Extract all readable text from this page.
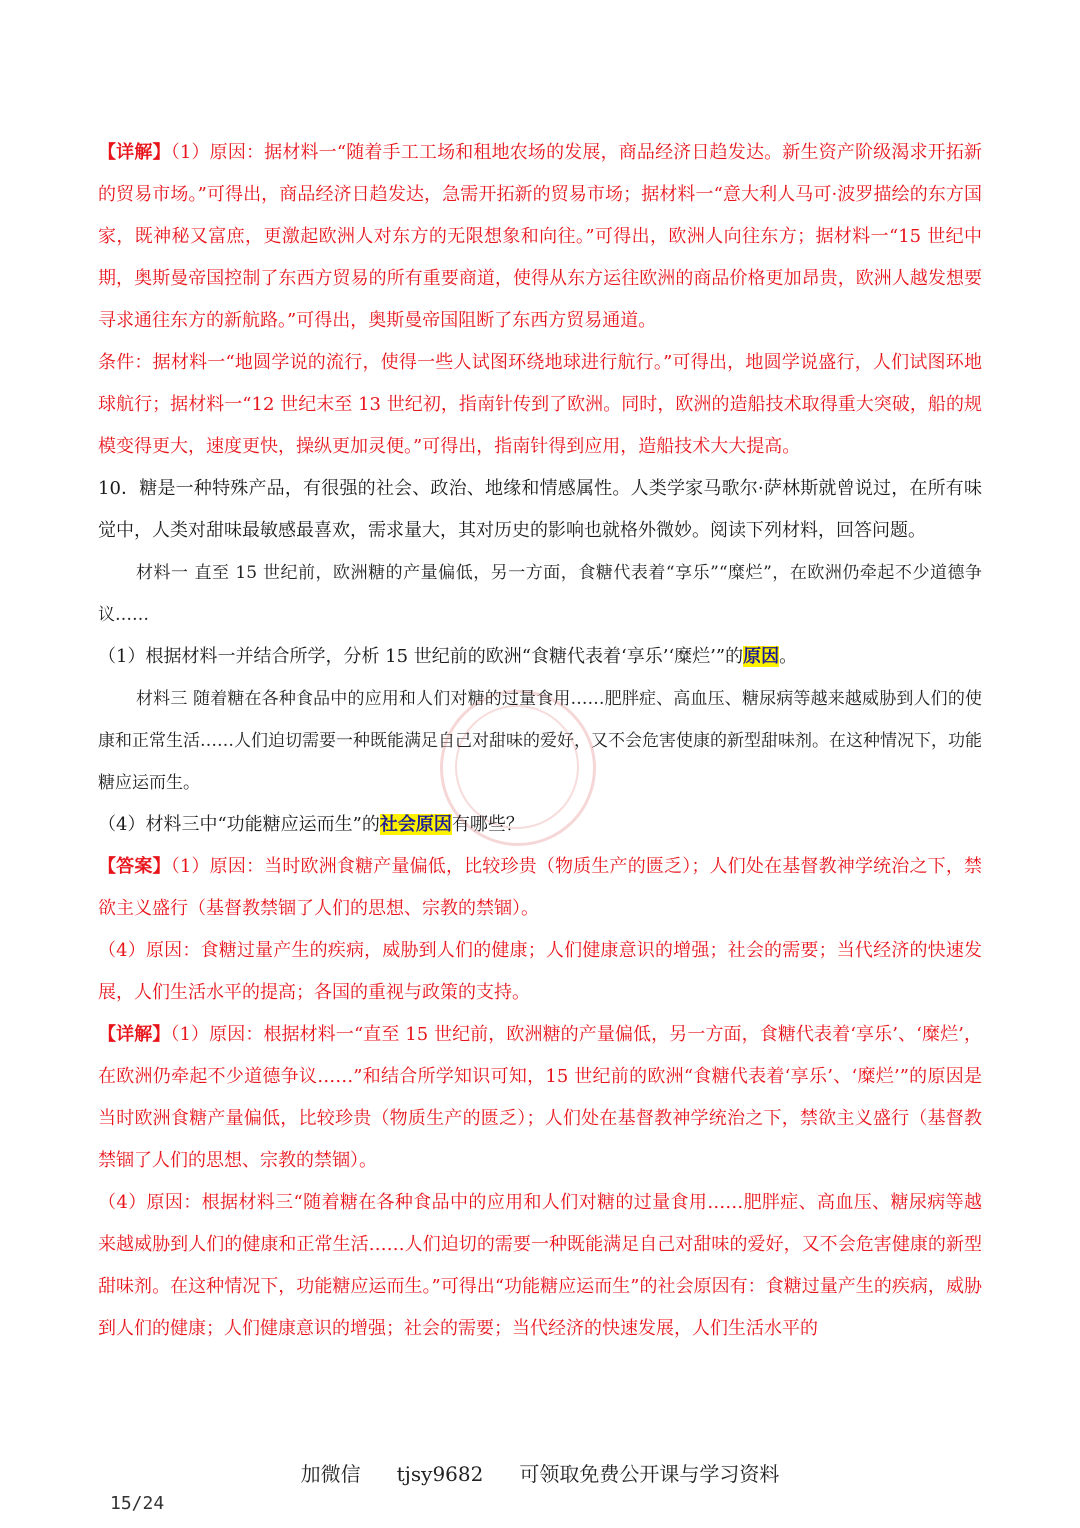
【详解】（1）原因：据材料一“随着手工工场和租地农场的发展，商品经济日趋发达。新生资产阶级渴求开拓新的贸易市场。”可得出，商品经济日趋发达，急需开拓新的贸易市场；据材料一“意大利人马可·波罗描绘的东方国家，既神秘又富庶，更激起欧洲人对东方的无限想象和向往。”可得出，欧洲人向往东方；据材料一“15 世纪中期，奥斯曼帝国控制了东西方贸易的所有重要商道，使得从东方运往欧洲的商品价格更加昂贵，欧洲人越发想要寻求通往东方的新航路。”可得出，奥斯曼帝国阻断了东西方贸易通道。

条件：据材料一“地圆学说的流行，使得一些人试图环绕地球进行航行。”可得出，地圆学说盛行，人们试图环地球航行；据材料一“12 世纪末至 13 世纪初，指南针传到了欧洲。同时，欧洲的造船技术取得重大突破，船的规模变得更大，速度更快，操纵更加灵便。”可得出，指南针得到应用，造船技术大大提高。

10．糖是一种特殊产品，有很强的社会、政治、地缘和情感属性。人类学家马歌尔·萨林斯就曾说过，在所有味觉中，人类对甜味最敏感最喜欢，需求量大，其对历史的影响也就格外微妙。阅读下列材料，回答问题。

材料一 直至 15 世纪前，欧洲糖的产量偏低，另一方面，食糖代表着“享乐”“糜烂”，在欧洲仍牵起不少道德争议……

（1）根据材料一并结合所学，分析 15 世纪前的欧洲“食糖代表着‘享乐’‘糜烂’”的原因。

材料三 随着糖在各种食品中的应用和人们对糖的过量食用……肥胖症、高血压、糖尿病等越来越威胁到人们的使康和正常生活……人们迫切需要一种既能满足自己对甜味的爱好，又不会危害使康的新型甜味剂。在这种情况下，功能糖应运而生。

（4）材料三中“功能糖应运而生”的社会原因有哪些？

【答案】（1）原因：当时欧洲食糖产量偏低，比较珍贵（物质生产的匮乏）；人们处在基督教神学统治之下，禁欲主义盛行（基督教禁锢了人们的思想、宗教的禁锢）。

（4）原因：食糖过量产生的疾病，威胁到人们的健康；人们健康意识的增强；社会的需要；当代经济的快速发展，人们生活水平的提高；各国的重视与政策的支持。

【详解】（1）原因：根据材料一“直至 15 世纪前，欧洲糖的产量偏低，另一方面，食糖代表着‘享乐’、‘糜烂’，在欧洲仍牵起不少道德争议……”和结合所学知识可知，15 世纪前的欧洲“食糖代表着‘享乐’、‘糜烂’”的原因是当时欧洲食糖产量偏低，比较珍贵（物质生产的匮乏）；人们处在基督教神学统治之下，禁欲主义盛行（基督教禁锢了人们的思想、宗教的禁锢）。

（4）原因：根据材料三“随着糖在各种食品中的应用和人们对糖的过量食用……肥胖症、高血压、糖尿病等越来越威胁到人们的健康和正常生活……人们迫切的需要一种既能满足自己对甜味的爱好，又不会危害健康的新型甜味剂。在这种情况下，功能糖应运而生。”可得出“功能糖应运而生”的社会原因有：食糖过量产生的疾病，威胁到人们的健康；人们健康意识的增强；社会的需要；当代经济的快速发展，人们生活水平的

加微信 tjsy9682 可领取免费公开课与学习资料
15/24
